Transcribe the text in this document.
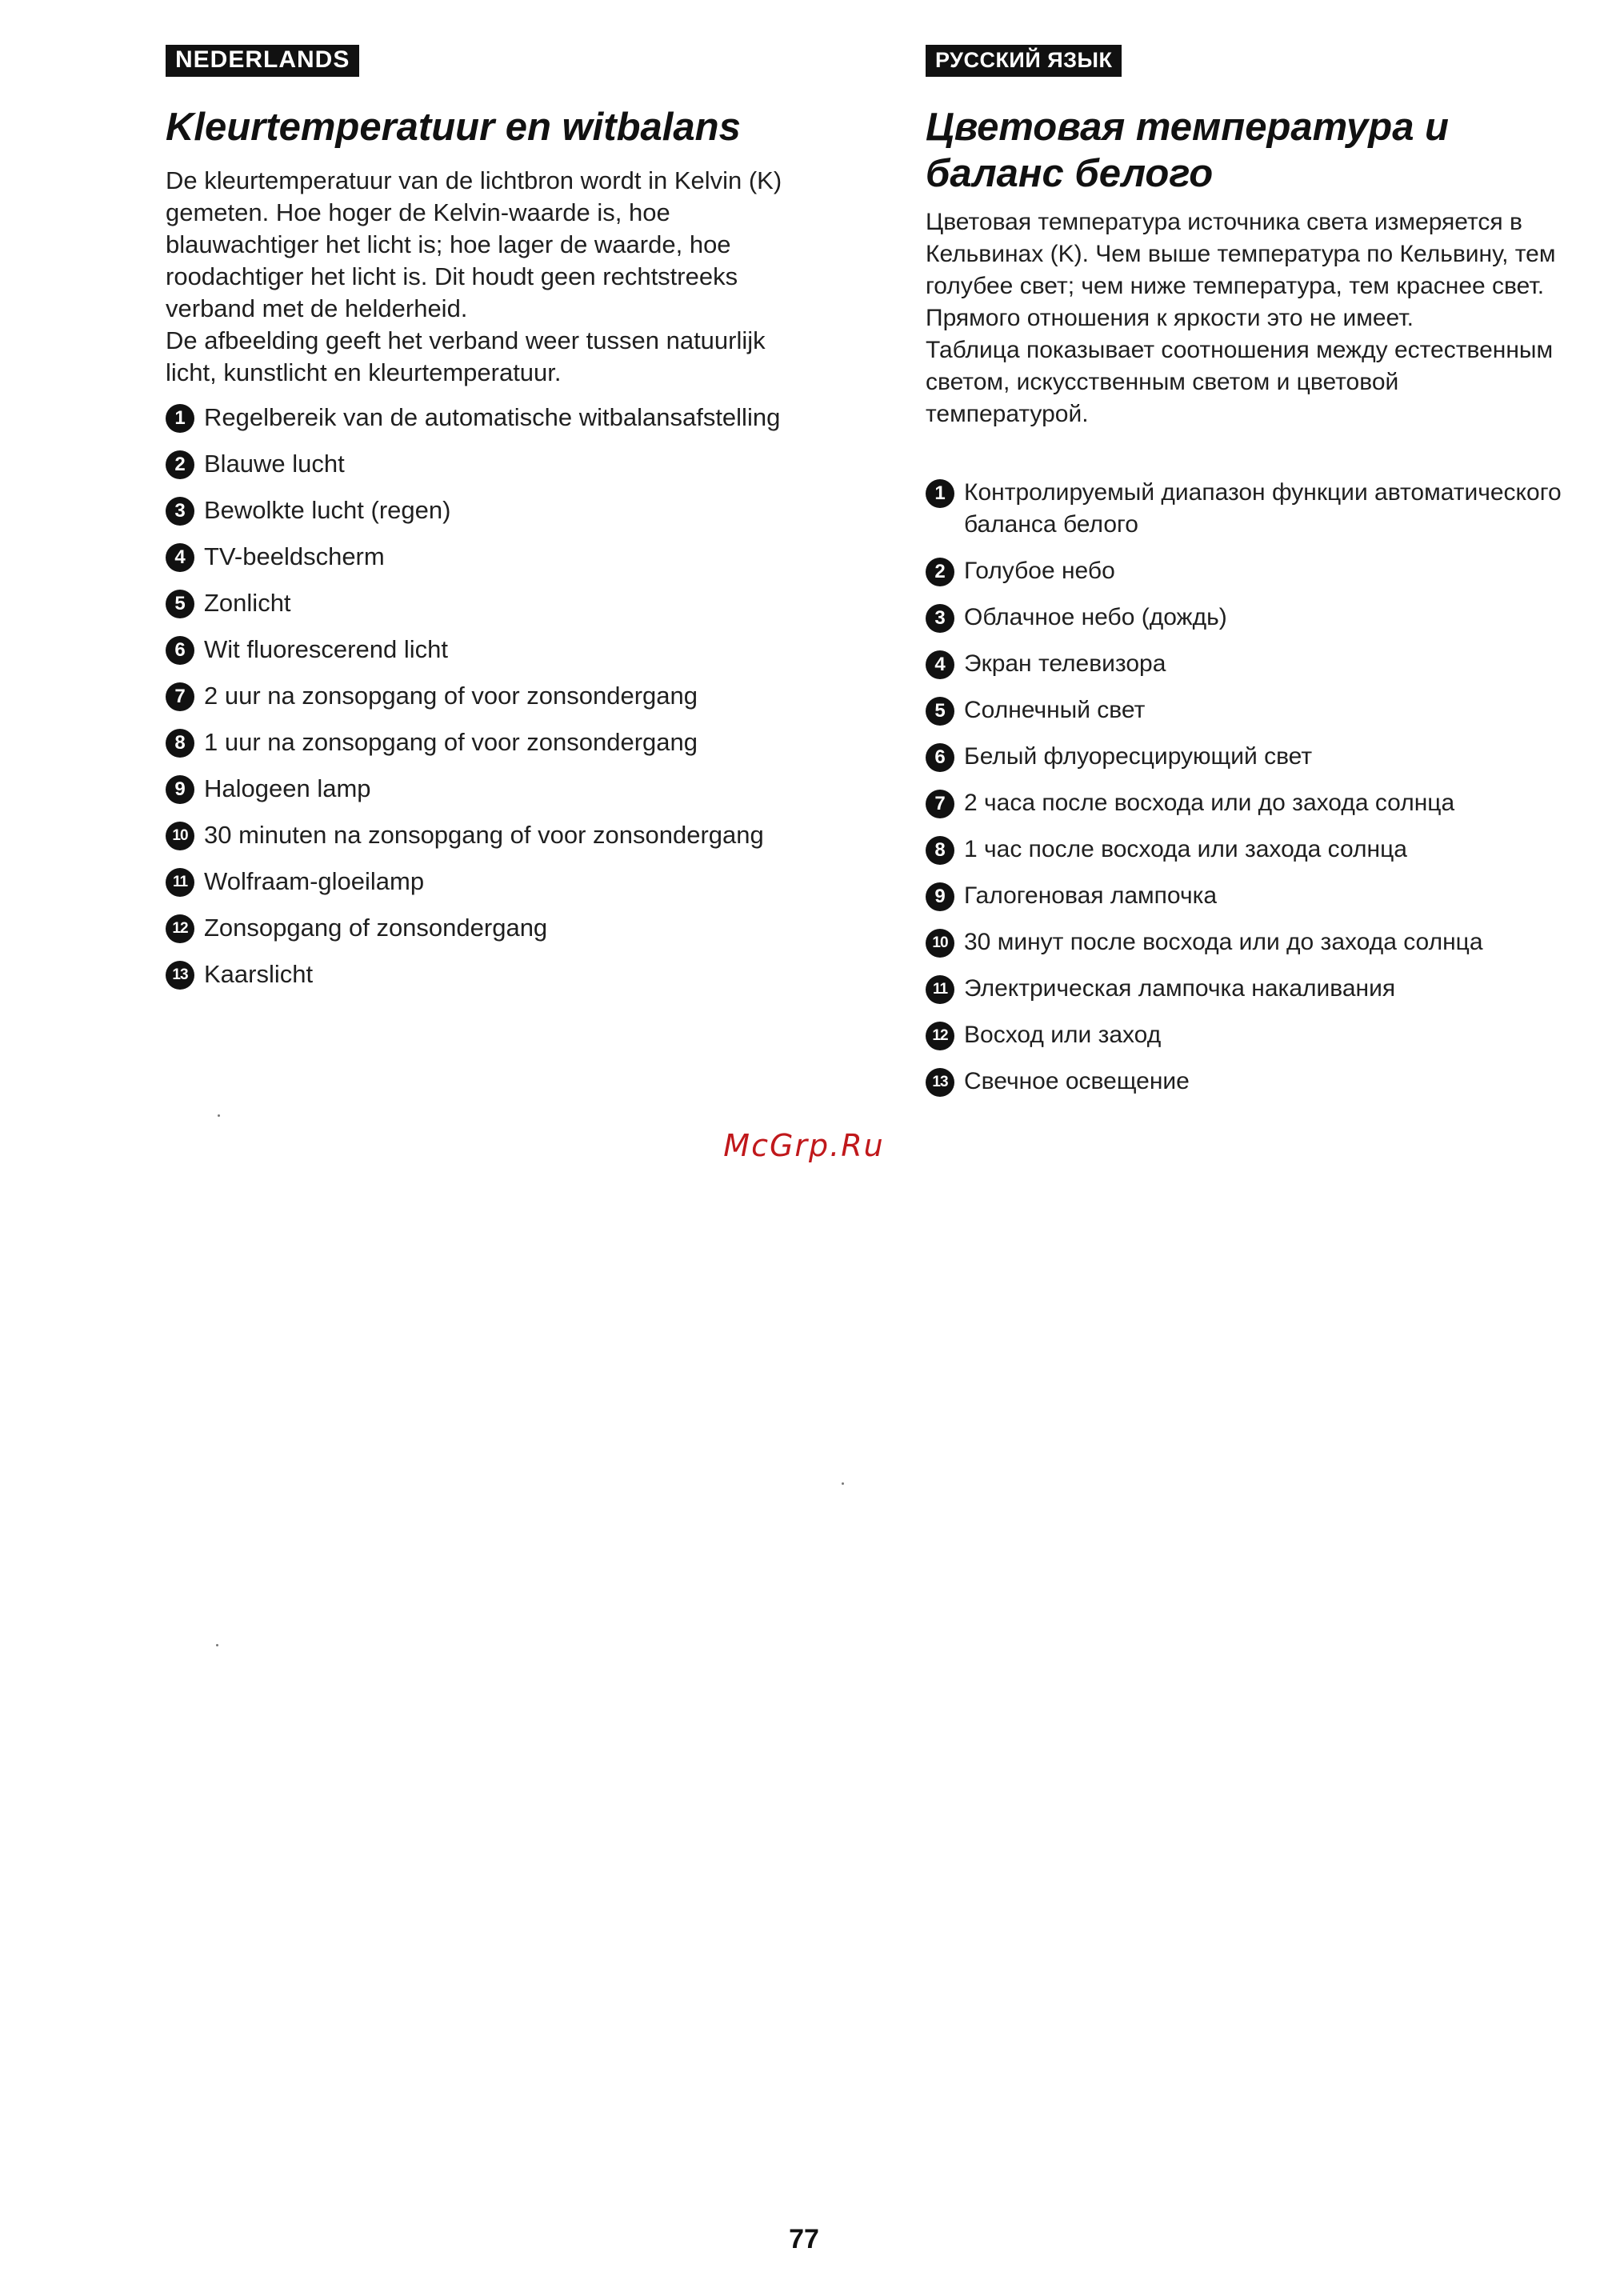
NEDERLANDS
Kleurtemperatuur en witbalans

De kleurtemperatuur van de lichtbron wordt in Kelvin (K) gemeten. Hoe hoger de Kelvin-waarde is, hoe blauwachtiger het licht is; hoe lager de waarde, hoe roodachtiger het licht is. Dit houdt geen rechtstreeks verband met de helderheid.

De afbeelding geeft het verband weer tussen natuurlijk licht, kunstlicht en kleurtemperatuur.

1 Regelbereik van de automatische witbalansafstelling
2 Blauwe lucht
3 Bewolkte lucht (regen)
4 TV-beeldscherm
5 Zonlicht
6 Wit fluorescerend licht
7 2 uur na zonsopgang of voor zonsondergang
8 1 uur na zonsopgang of voor zonsondergang
9 Halogeen lamp
10 30 minuten na zonsopgang of voor zonsondergang
11 Wolfraam-gloeilamp
12 Zonsopgang of zonsondergang
13 Kaarslicht
РУССКИЙ ЯЗЫК
Цветовая температура и баланс белого

Цветовая температура источника света измеряется в Кельвинах (K). Чем выше температура по Кельвину, тем голубее свет; чем ниже температура, тем краснее свет. Прямого отношения к яркости это не имеет.

Таблица показывает соотношения между естественным светом, искусственным светом и цветовой температурой.

1 Контролируемый диапазон функции автоматического баланса белого
2 Голубое небо
3 Облачное небо (дождь)
4 Экран телевизора
5 Солнечный свет
6 Белый флуоресцирующий свет
7 2 часа после восхода или до захода солнца
8 1 час после восхода или захода солнца
9 Галогеновая лампочка
10 30 минут после восхода или до захода солнца
11 Электрическая лампочка накаливания
12 Восход или заход
13 Свечное освещение
McGrp.Ru
77
